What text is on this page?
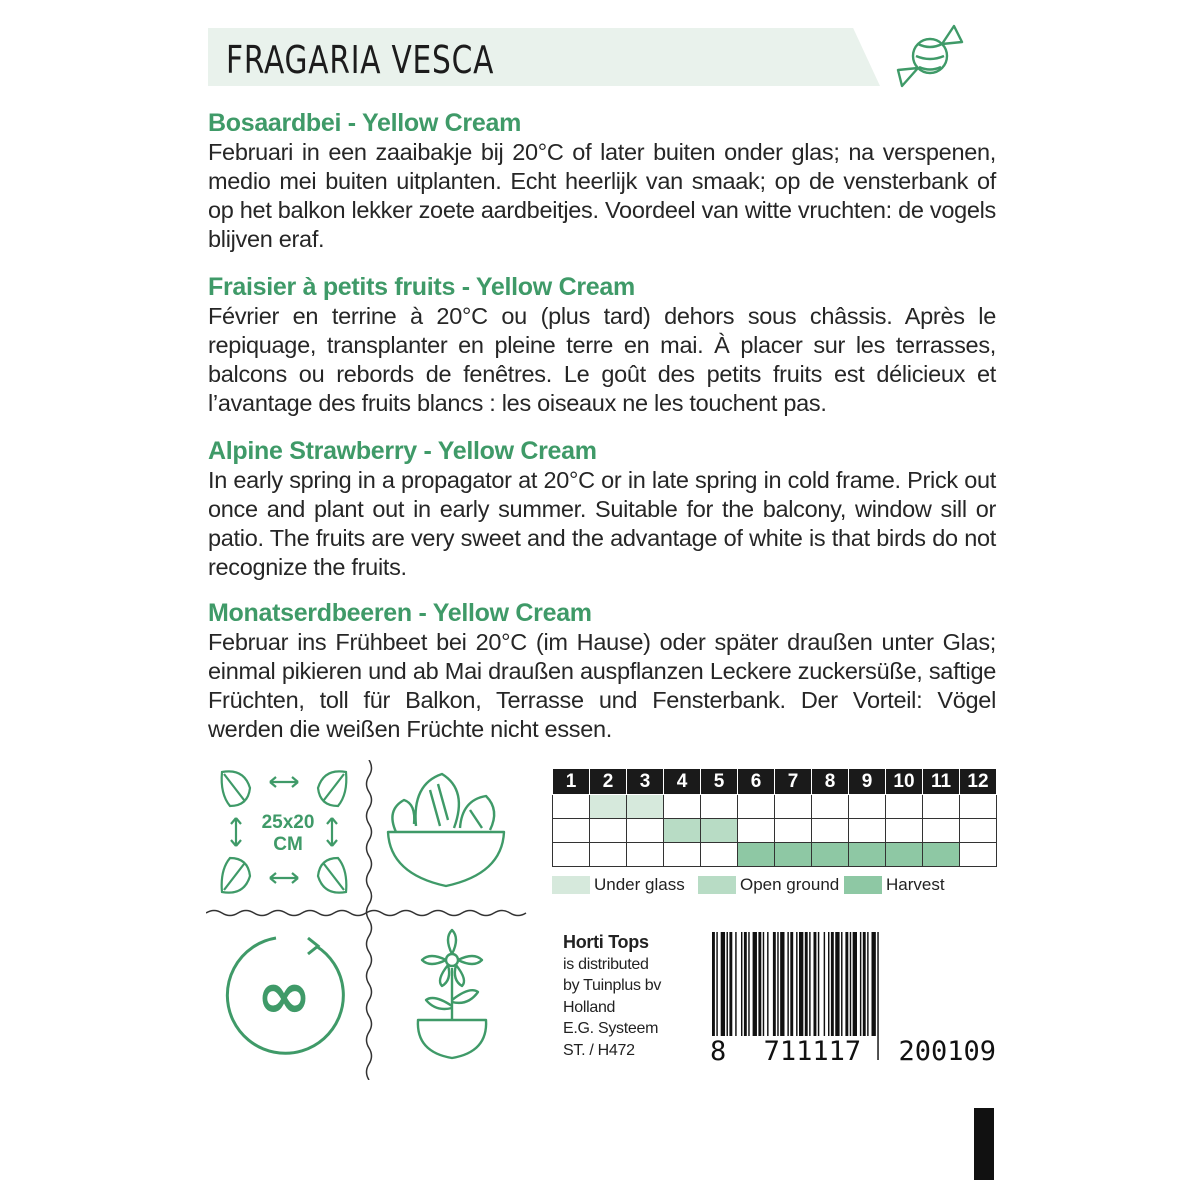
FRAGARIA VESCA
Bosaardbei - Yellow Cream

Februari in een zaaibakje bij 20°C of later buiten onder glas; na verspenen, medio mei buiten uitplanten. Echt heerlijk van smaak; op de vensterbank of op het balkon lekker zoete aardbeitjes. Voordeel van witte vruchten: de vogels blijven eraf.

Fraisier à petits fruits - Yellow Cream

Février en terrine à 20°C ou (plus tard) dehors sous châssis. Après le repiquage, transplanter en pleine terre en mai. À placer sur les terrasses, balcons ou rebords de fenêtres. Le goût des petits fruits est délicieux et l’avantage des fruits blancs : les oiseaux ne les touchent pas.

Alpine Strawberry - Yellow Cream

In early spring in a propagator at 20°C or in late spring in cold frame. Prick out once and plant out in early summer. Suitable for the balcony, window sill or patio. The fruits are very sweet and the advantage of white is that birds do not recognize the fruits.

Monatserdbeeren - Yellow Cream

Februar ins Frühbeet bei 20°C (im Hause) oder später draußen unter Glas; einmal pikieren und ab Mai draußen auspflanzen Leckere zuckersüße, saftige Früchten, toll für Balkon, Terrasse und Fensterbank. Der Vorteil: Vögel werden die weißen Früchte nicht essen.

25x20
CM
∞
1	2	3	4	5	6	7	8	9	10	11	12

Under glass	Open ground	Harvest
Horti Tops
is distributed
by Tuinplus bv
Holland
E.G. Systeem
ST. / H472	8 711117 200109
